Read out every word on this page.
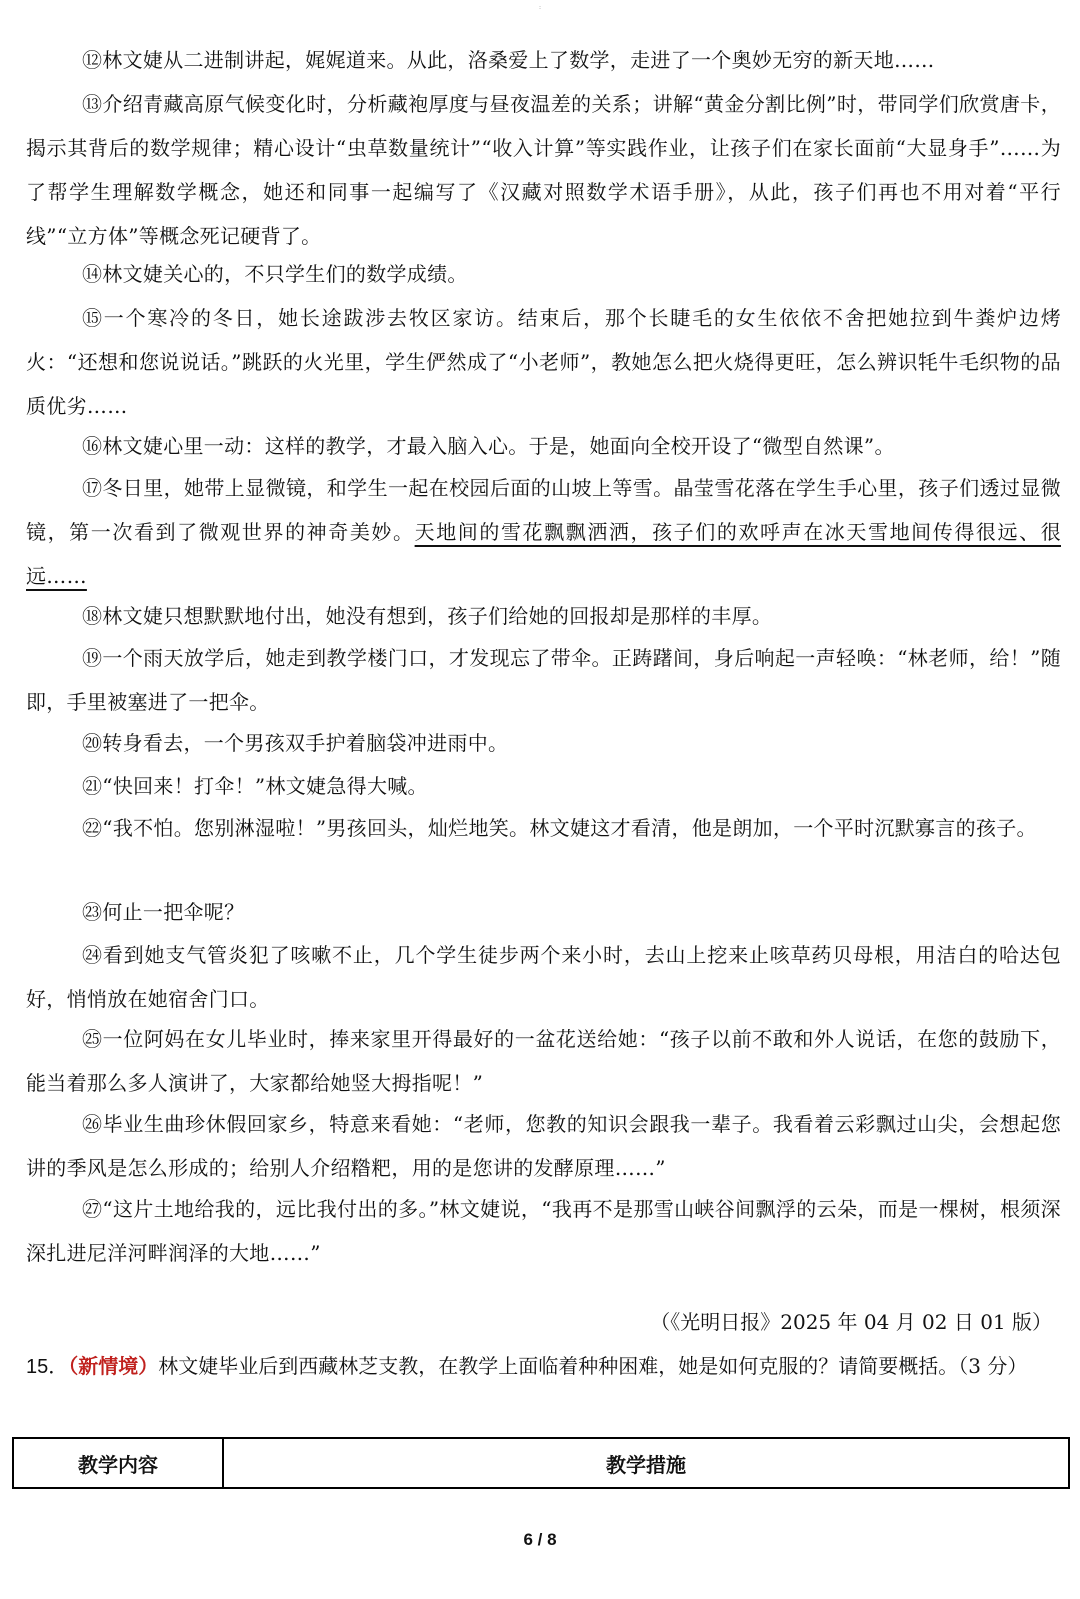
:

⑫林文婕从二进制讲起，娓娓道来。从此，洛桑爱上了数学，走进了一个奥妙无穷的新天地……

⑬介绍青藏高原气候变化时，分析藏袍厚度与昼夜温差的关系；讲解“黄金分割比例”时，带同学们欣赏唐卡，揭示其背后的数学规律；精心设计“虫草数量统计”“收入计算”等实践作业，让孩子们在家长面前“大显身手”……为了帮学生理解数学概念，她还和同事一起编写了《汉藏对照数学术语手册》，从此，孩子们再也不用对着“平行线”“立方体”等概念死记硬背了。

⑭林文婕关心的，不只学生们的数学成绩。

⑮一个寒冷的冬日，她长途跋涉去牧区家访。结束后，那个长睫毛的女生依依不舍把她拉到牛粪炉边烤火：“还想和您说说话。”跳跃的火光里，学生俨然成了“小老师”，教她怎么把火烧得更旺，怎么辨识牦牛毛织物的品质优劣……

⑯林文婕心里一动：这样的教学，才最入脑入心。于是，她面向全校开设了“微型自然课”。

⑰冬日里，她带上显微镜，和学生一起在校园后面的山坡上等雪。晶莹雪花落在学生手心里，孩子们透过显微镜，第一次看到了微观世界的神奇美妙。天地间的雪花飘飘洒洒，孩子们的欢呼声在冰天雪地间传得很远、很远……

⑱林文婕只想默默地付出，她没有想到，孩子们给她的回报却是那样的丰厚。

⑲一个雨天放学后，她走到教学楼门口，才发现忘了带伞。正踌躇间，身后响起一声轻唤：“林老师，给！”随即，手里被塞进了一把伞。

⑳转身看去，一个男孩双手护着脑袋冲进雨中。

㉑“快回来！打伞！”林文婕急得大喊。

㉒“我不怕。您别淋湿啦！”男孩回头，灿烂地笑。林文婕这才看清，他是朗加，一个平时沉默寡言的孩子。

㉓何止一把伞呢？

㉔看到她支气管炎犯了咳嗽不止，几个学生徒步两个来小时，去山上挖来止咳草药贝母根，用洁白的哈达包好，悄悄放在她宿舍门口。

㉕一位阿妈在女儿毕业时，捧来家里开得最好的一盆花送给她：“孩子以前不敢和外人说话，在您的鼓励下，能当着那么多人演讲了，大家都给她竖大拇指呢！”

㉖毕业生曲珍休假回家乡，特意来看她：“老师，您教的知识会跟我一辈子。我看着云彩飘过山尖，会想起您讲的季风是怎么形成的；给别人介绍糌粑，用的是您讲的发酵原理……”

㉗“这片土地给我的，远比我付出的多。”林文婕说，“我再不是那雪山峡谷间飘浮的云朵，而是一棵树，根须深深扎进尼洋河畔润泽的大地……”

（《光明日报》2025 年 04 月 02 日 01 版）

15．（新情境）林文婕毕业后到西藏林芝支教，在教学上面临着种种困难，她是如何克服的？请简要概括。（3 分）

教学内容	教学措施
6 / 8
